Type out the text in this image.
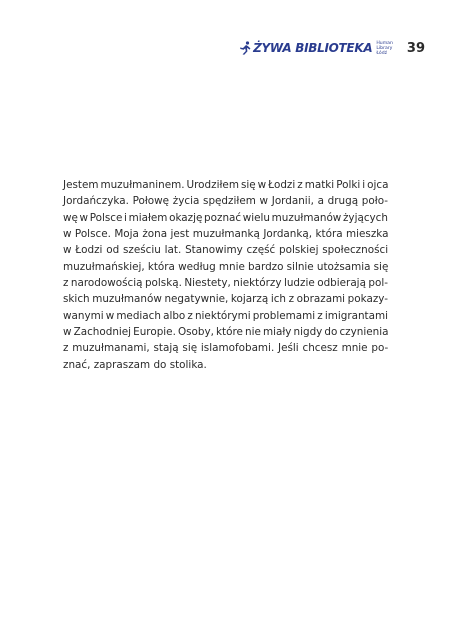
ŻYWA BIBLIOTEKA Human
Library
Łódź	39

Jestem muzułmaninem. Urodziłem się w Łodzi z matki Polki i ojca
Jordańczyka. Połowę życia spędziłem w Jordanii, a drugą poło-
wę w Polsce i miałem okazję poznać wielu muzułmanów żyjących
w Polsce. Moja żona jest muzułmanką Jordanką, która mieszka
w Łodzi od sześciu lat. Stanowimy część polskiej społeczności
muzułmańskiej, która według mnie bardzo silnie utożsamia się
z narodowością polską. Niestety, niektórzy ludzie odbierają pol-
skich muzułmanów negatywnie, kojarzą ich z obrazami pokazy-
wanymi w mediach albo z niektórymi problemami z imigrantami
w Zachodniej Europie. Osoby, które nie miały nigdy do czynienia
z muzułmanami, stają się islamofobami. Jeśli chcesz mnie po-
znać, zapraszam do stolika.
